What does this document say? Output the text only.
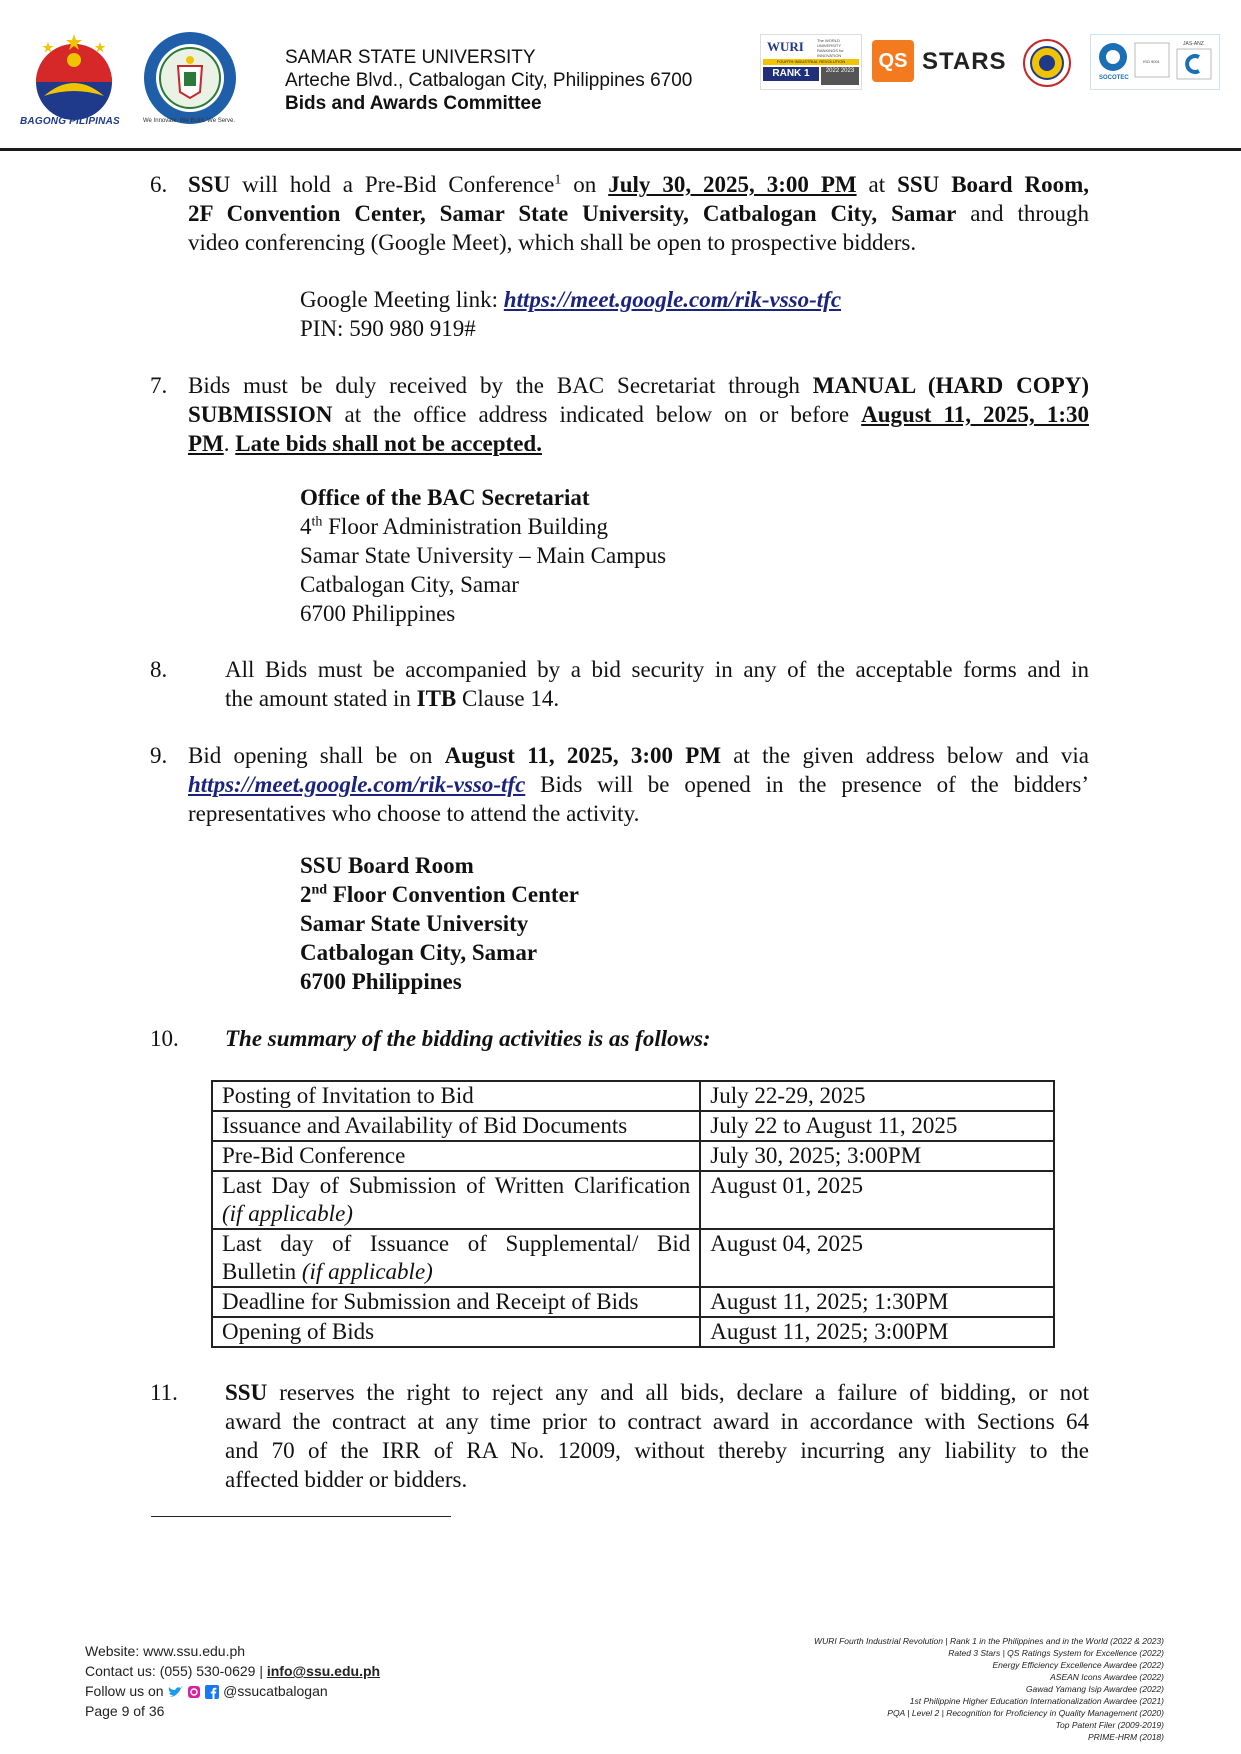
BAGONG PILIPINAS	We Innovate. We Build. We Serve.
SAMAR STATE UNIVERSITY
Arteche Blvd., Catbalogan City, Philippines 6700
Bids and Awards Committee
WURI	The WORLD UNIVERSITY RANKINGS for INNOVATION
FOURTH INDUSTRIAL REVOLUTION
RANK 1	2022 2023	QS STARS
SOCOTEC
ISO 9001
JAS-ANZ
6. SSU will hold a Pre-Bid Conference$^1$ on July 30, 2025, 3:00 PM at SSU Board Room,
2F Convention Center, Samar State University, Catbalogan City, Samar and through
video conferencing (Google Meet), which shall be open to prospective bidders.
Google Meeting link: https://meet.google.com/rik-vsso-tfc
PIN: 590 980 919#
7. Bids must be duly received by the BAC Secretariat through MANUAL (HARD COPY)
SUBMISSION at the office address indicated below on or before August 11, 2025, 1:30
PM. Late bids shall not be accepted.
Office of the BAC Secretariat
4th Floor Administration Building
Samar State University – Main Campus
Catbalogan City, Samar
6700 Philippines
8.	All Bids must be accompanied by a bid security in any of the acceptable forms and in
the amount stated in ITB Clause 14.
9. Bid opening shall be on August 11, 2025, 3:00 PM at the given address below and via
https://meet.google.com/rik-vsso-tfc Bids will be opened in the presence of the bidders’
representatives who choose to attend the activity.
SSU Board Room
2nd Floor Convention Center
Samar State University
Catbalogan City, Samar
6700 Philippines
10. The summary of the bidding activities is as follows:
Posting of Invitation to Bid	July 22-29, 2025
Issuance and Availability of Bid Documents	July 22 to August 11, 2025
Pre-Bid Conference	July 30, 2025; 3:00PM
Last Day of Submission of Written Clarification (if applicable)	August 01, 2025
Last day of Issuance of Supplemental/ Bid Bulletin (if applicable)	August 04, 2025
Deadline for Submission and Receipt of Bids	August 11, 2025; 1:30PM
Opening of Bids	August 11, 2025; 3:00PM
11. SSU reserves the right to reject any and all bids, declare a failure of bidding, or not
award the contract at any time prior to contract award in accordance with Sections 64
and 70 of the IRR of RA No. 12009, without thereby incurring any liability to the
affected bidder or bidders.
Website: www.ssu.edu.ph
Contact us: (055) 530-0629 | info@ssu.edu.ph
Follow us on	@ssucatbalogan
Page 9 of 36
WURI Fourth Industrial Revolution | Rank 1 in the Philippines and in the World (2022 & 2023)
Rated 3 Stars | QS Ratings System for Excellence (2022)
Energy Efficiency Excellence Awardee (2022)
ASEAN Icons Awardee (2022)
Gawad Yamang Isip Awardee (2022)
1st Philippine Higher Education Internationalization Awardee (2021)
PQA | Level 2 | Recognition for Proficiency in Quality Management (2020)
Top Patent Filer (2009-2019)
PRIME-HRM (2018)
